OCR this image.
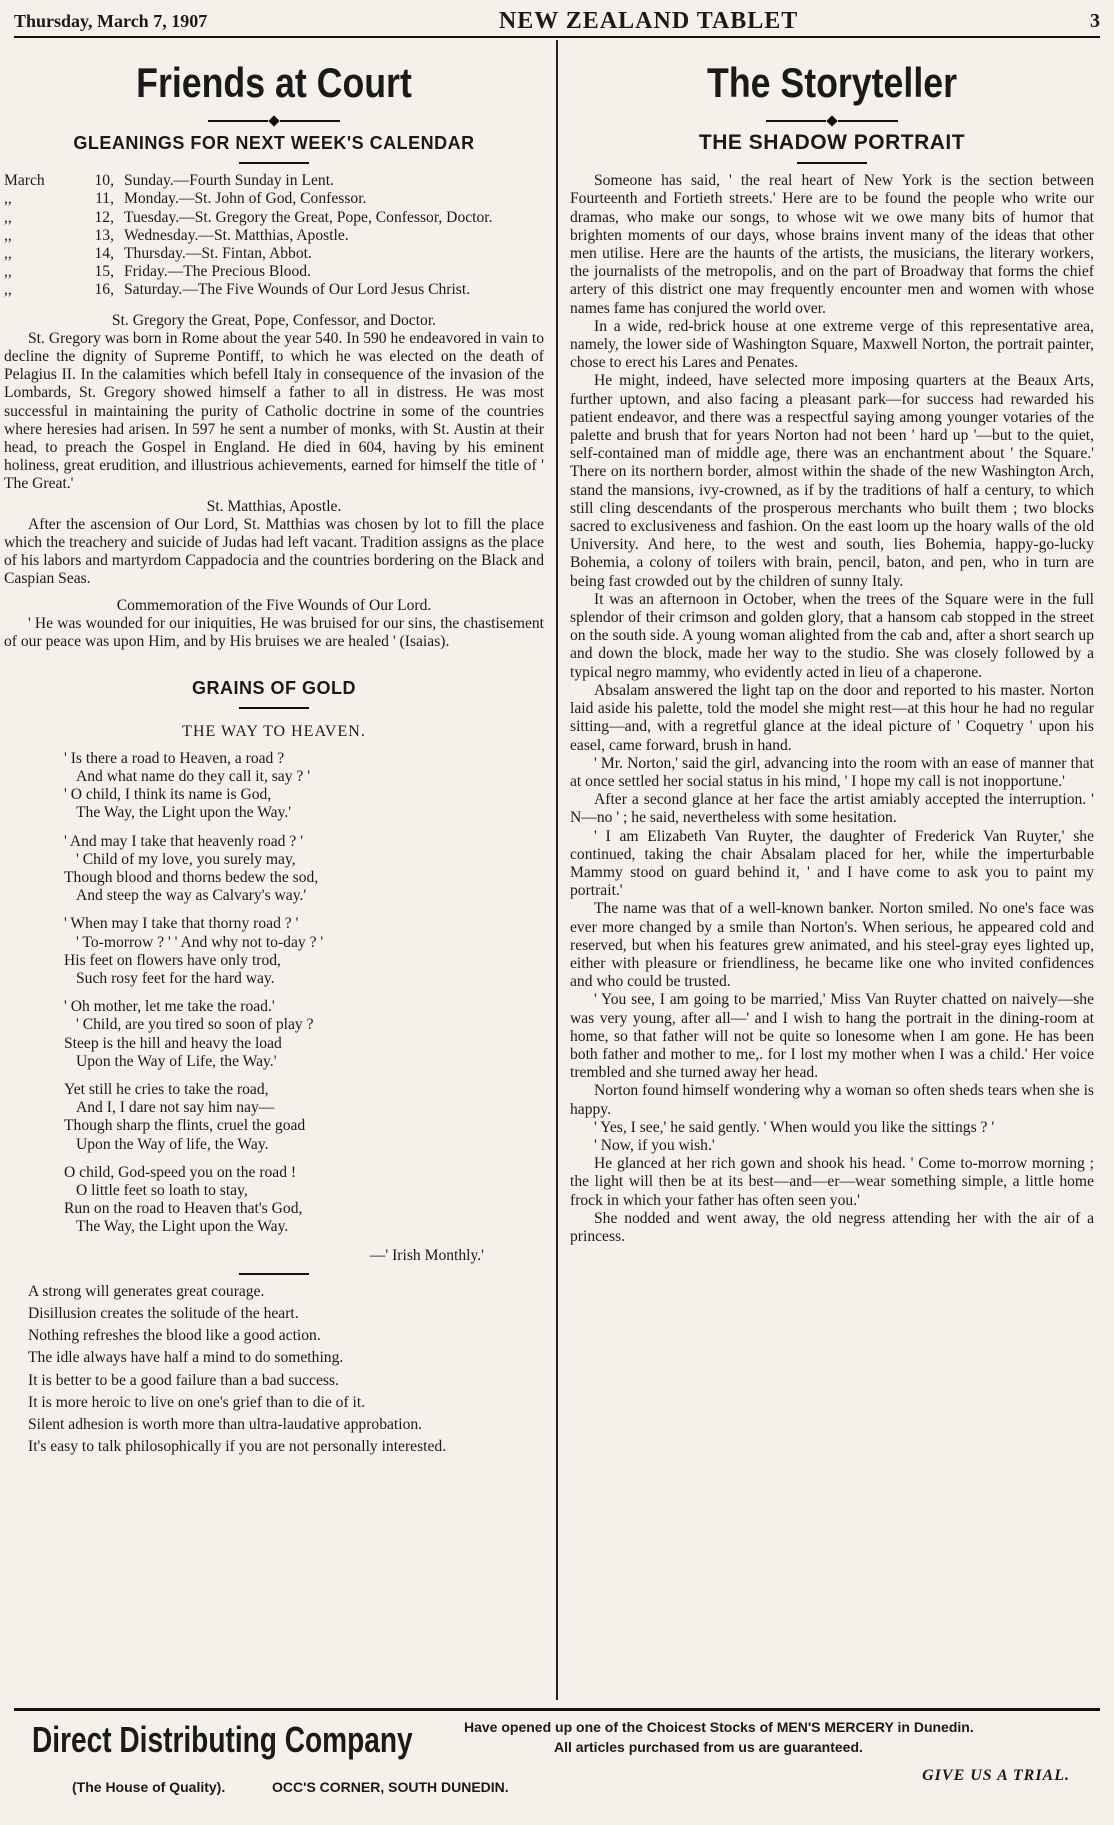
Thursday, March 7, 1907	NEW ZEALAND TABLET	3
Friends at Court
GLEANINGS FOR NEXT WEEK'S CALENDAR
March	10, Sunday.—Fourth Sunday in Lent.
,,	11, Monday.—St. John of God, Confessor.
,,	12, Tuesday.—St. Gregory the Great, Pope, Confessor, Doctor.
,,	13, Wednesday.—St. Matthias, Apostle.
,,	14, Thursday.—St. Fintan, Abbot.
,,	15, Friday.—The Precious Blood.
,,	16, Saturday.—The Five Wounds of Our Lord Jesus Christ.

St. Gregory the Great, Pope, Confessor, and Doctor.

St. Gregory was born in Rome about the year 540. In 590 he endeavored in vain to decline the dignity of Supreme Pontiff, to which he was elected on the death of Pelagius II. In the calamities which befell Italy in consequence of the invasion of the Lombards, St. Gregory showed himself a father to all in distress. He was most successful in maintaining the purity of Catholic doctrine in some of the countries where heresies had arisen. In 597 he sent a number of monks, with St. Austin at their head, to preach the Gospel in England. He died in 604, having by his eminent holiness, great erudition, and illustrious achievements, earned for himself the title of ' The Great.'

St. Matthias, Apostle.

After the ascension of Our Lord, St. Matthias was chosen by lot to fill the place which the treachery and suicide of Judas had left vacant. Tradition assigns as the place of his labors and martyrdom Cappadocia and the countries bordering on the Black and Caspian Seas.

Commemoration of the Five Wounds of Our Lord.

' He was wounded for our iniquities, He was bruised for our sins, the chastisement of our peace was upon Him, and by His bruises we are healed ' (Isaias).

GRAINS OF GOLD
THE WAY TO HEAVEN.
' Is there a road to Heaven, a road ?
And what name do they call it, say ? '
' O child, I think its name is God,
The Way, the Light upon the Way.'
' And may I take that heavenly road ? '
' Child of my love, you surely may,
Though blood and thorns bedew the sod,
And steep the way as Calvary's way.'
' When may I take that thorny road ? '
' To-morrow ? ' ' And why not to-day ? '
His feet on flowers have only trod,
Such rosy feet for the hard way.
' Oh mother, let me take the road.'
' Child, are you tired so soon of play ?
Steep is the hill and heavy the load
Upon the Way of Life, the Way.'
Yet still he cries to take the road,
And I, I dare not say him nay—
Though sharp the flints, cruel the goad
Upon the Way of life, the Way.
O child, God-speed you on the road !
O little feet so loath to stay,
Run on the road to Heaven that's God,
The Way, the Light upon the Way.
—' Irish Monthly.'

A strong will generates great courage.

Disillusion creates the solitude of the heart.

Nothing refreshes the blood like a good action.

The idle always have half a mind to do something.

It is better to be a good failure than a bad success.

It is more heroic to live on one's grief than to die of it.

Silent adhesion is worth more than ultra-laudative approbation.

It's easy to talk philosophically if you are not personally interested.

The Storyteller
THE SHADOW PORTRAIT

Someone has said, ' the real heart of New York is the section between Fourteenth and Fortieth streets.' Here are to be found the people who write our dramas, who make our songs, to whose wit we owe many bits of humor that brighten moments of our days, whose brains invent many of the ideas that other men utilise. Here are the haunts of the artists, the musicians, the literary workers, the journalists of the metropolis, and on the part of Broadway that forms the chief artery of this district one may frequently encounter men and women with whose names fame has conjured the world over.

In a wide, red-brick house at one extreme verge of this representative area, namely, the lower side of Washington Square, Maxwell Norton, the portrait painter, chose to erect his Lares and Penates.

He might, indeed, have selected more imposing quarters at the Beaux Arts, further uptown, and also facing a pleasant park—for success had rewarded his patient endeavor, and there was a respectful saying among younger votaries of the palette and brush that for years Norton had not been ' hard up '—but to the quiet, self-contained man of middle age, there was an enchantment about ' the Square.' There on its northern border, almost within the shade of the new Washington Arch, stand the mansions, ivy-crowned, as if by the traditions of half a century, to which still cling descendants of the prosperous merchants who built them ; two blocks sacred to exclusiveness and fashion. On the east loom up the hoary walls of the old University. And here, to the west and south, lies Bohemia, happy-go-lucky Bohemia, a colony of toilers with brain, pencil, baton, and pen, who in turn are being fast crowded out by the children of sunny Italy.

It was an afternoon in October, when the trees of the Square were in the full splendor of their crimson and golden glory, that a hansom cab stopped in the street on the south side. A young woman alighted from the cab and, after a short search up and down the block, made her way to the studio. She was closely followed by a typical negro mammy, who evidently acted in lieu of a chaperone.

Absalam answered the light tap on the door and reported to his master. Norton laid aside his palette, told the model she might rest—at this hour he had no regular sitting—and, with a regretful glance at the ideal picture of ' Coquetry ' upon his easel, came forward, brush in hand.

' Mr. Norton,' said the girl, advancing into the room with an ease of manner that at once settled her social status in his mind, ' I hope my call is not inopportune.'

After a second glance at her face the artist amiably accepted the interruption. ' N—no ' ; he said, nevertheless with some hesitation.

' I am Elizabeth Van Ruyter, the daughter of Frederick Van Ruyter,' she continued, taking the chair Absalam placed for her, while the imperturbable Mammy stood on guard behind it, ' and I have come to ask you to paint my portrait.'

The name was that of a well-known banker. Norton smiled. No one's face was ever more changed by a smile than Norton's. When serious, he appeared cold and reserved, but when his features grew animated, and his steel-gray eyes lighted up, either with pleasure or friendliness, he became like one who invited confidences and who could be trusted.

' You see, I am going to be married,' Miss Van Ruyter chatted on naively—she was very young, after all—' and I wish to hang the portrait in the dining-room at home, so that father will not be quite so lonesome when I am gone. He has been both father and mother to me,. for I lost my mother when I was a child.' Her voice trembled and she turned away her head.

Norton found himself wondering why a woman so often sheds tears when she is happy.

' Yes, I see,' he said gently. ' When would you like the sittings ? '

' Now, if you wish.'

He glanced at her rich gown and shook his head. ' Come to-morrow morning ; the light will then be at its best—and—er—wear something simple, a little home frock in which your father has often seen you.'

She nodded and went away, the old negress attending her with the air of a princess.

Direct Distributing Company
(The House of Quality).	OCC'S CORNER, SOUTH DUNEDIN.
Have opened up one of the Choicest Stocks of MEN'S MERCERY in Dunedin.
All articles purchased from us are guaranteed.
GIVE US A TRIAL.
